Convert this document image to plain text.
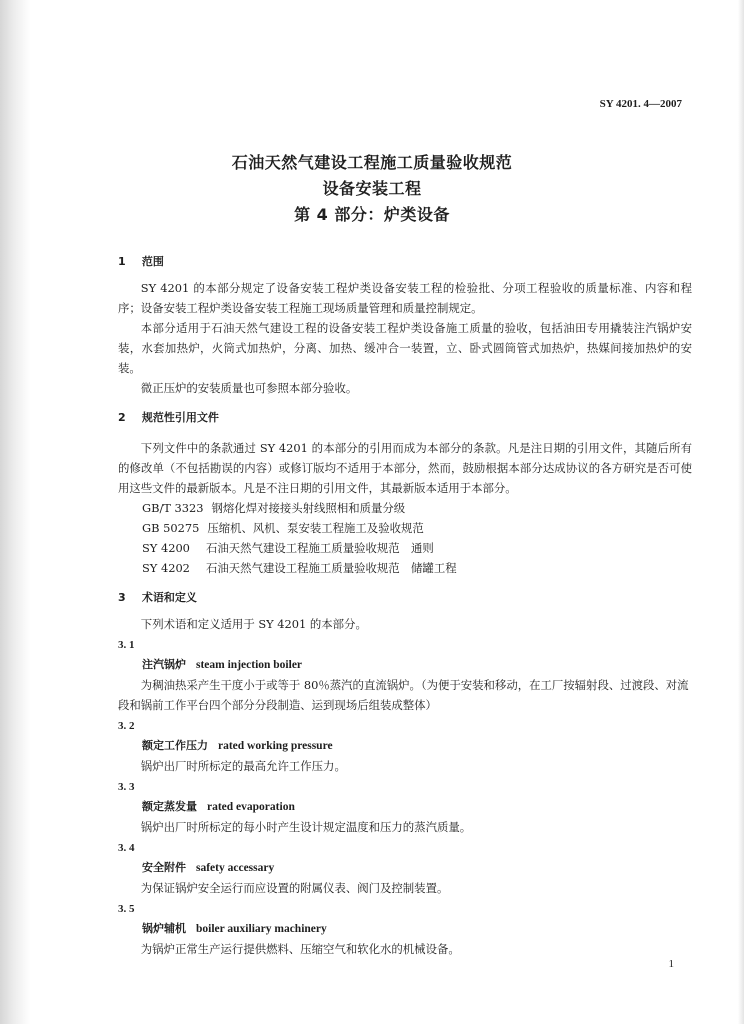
SY 4201. 4—2007
石油天然气建设工程施工质量验收规范
设备安装工程
第 4 部分：炉类设备
1 范围
SY 4201 的本部分规定了设备安装工程炉类设备安装工程的检验批、分项工程验收的质量标准、内容和程序；设备安装工程炉类设备安装工程施工现场质量管理和质量控制规定。
本部分适用于石油天然气建设工程的设备安装工程炉类设备施工质量的验收，包括油田专用撬装注汽锅炉安装，水套加热炉，火筒式加热炉，分离、加热、缓冲合一装置，立、卧式圆筒管式加热炉，热媒间接加热炉的安装。
微正压炉的安装质量也可参照本部分验收。
2 规范性引用文件
下列文件中的条款通过 SY 4201 的本部分的引用而成为本部分的条款。凡是注日期的引用文件，其随后所有的修改单（不包括勘误的内容）或修订版均不适用于本部分，然而，鼓励根据本部分达成协议的各方研究是否可使用这些文件的最新版本。凡是不注日期的引用文件，其最新版本适用于本部分。
GB/T 3323 钢熔化焊对接接头射线照相和质量分级
GB 50275 压缩机、风机、泵安装工程施工及验收规范
SY 4200 石油天然气建设工程施工质量验收规范　通则
SY 4202 石油天然气建设工程施工质量验收规范　储罐工程
3 术语和定义
下列术语和定义适用于 SY 4201 的本部分。
3. 1
注汽锅炉 steam injection boiler
为稠油热采产生干度小于或等于 80％蒸汽的直流锅炉。（为便于安装和移动，在工厂按辐射段、过渡段、对流段和锅前工作平台四个部分分段制造、运到现场后组装成整体）
3. 2
额定工作压力 rated working pressure
锅炉出厂时所标定的最高允许工作压力。
3. 3
额定蒸发量 rated evaporation
锅炉出厂时所标定的每小时产生设计规定温度和压力的蒸汽质量。
3. 4
安全附件 safety accessary
为保证锅炉安全运行而应设置的附属仪表、阀门及控制装置。
3. 5
锅炉辅机 boiler auxiliary machinery
为锅炉正常生产运行提供燃料、压缩空气和软化水的机械设备。
1
